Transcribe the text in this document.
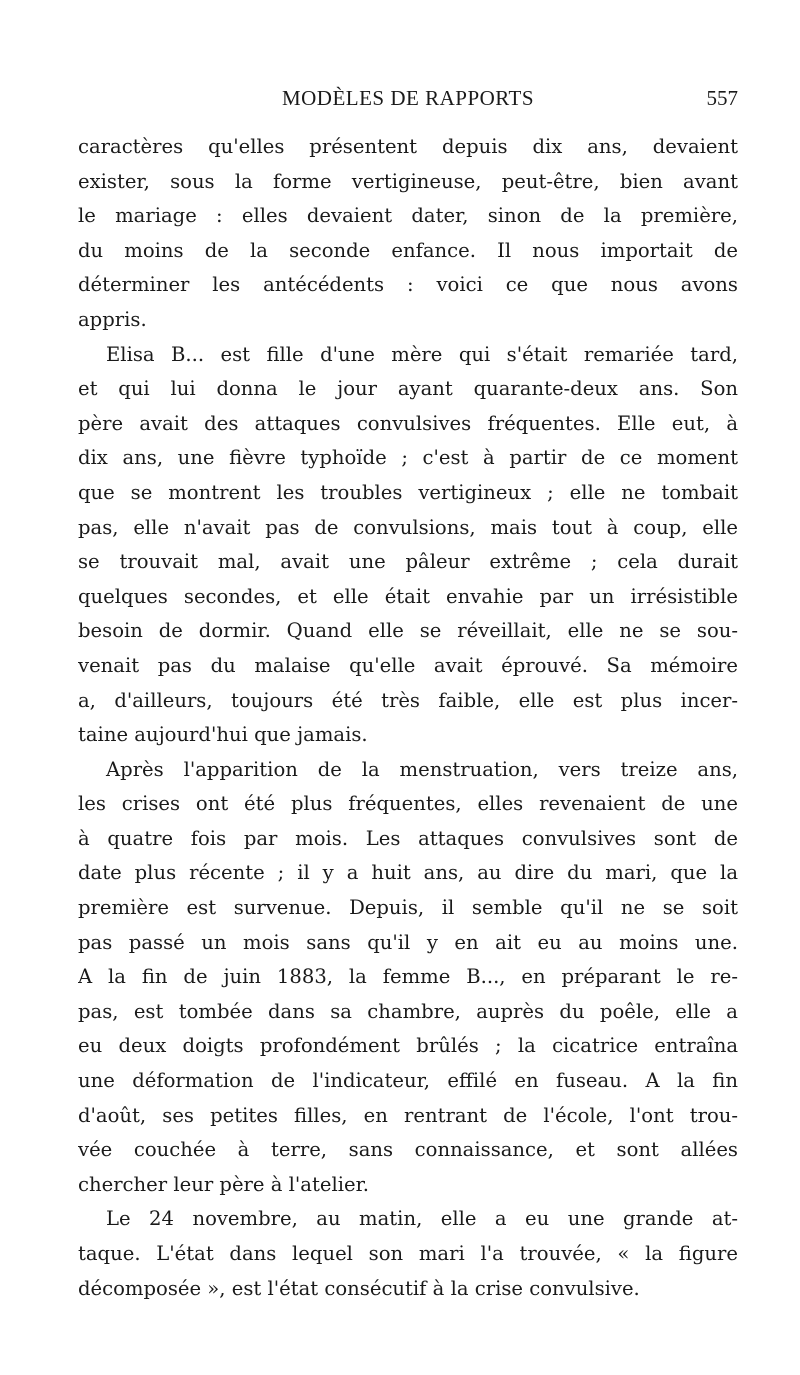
MODÈLES DE RAPPORTS	557
caractères qu'elles présentent depuis dix ans, devaient
exister, sous la forme vertigineuse, peut-être, bien avant
le mariage : elles devaient dater, sinon de la première,
du moins de la seconde enfance. Il nous importait de
déterminer les antécédents : voici ce que nous avons
appris.
Elisa B... est fille d'une mère qui s'était remariée tard,
et qui lui donna le jour ayant quarante-deux ans. Son
père avait des attaques convulsives fréquentes. Elle eut, à
dix ans, une fièvre typhoïde ; c'est à partir de ce moment
que se montrent les troubles vertigineux ; elle ne tombait
pas, elle n'avait pas de convulsions, mais tout à coup, elle
se trouvait mal, avait une pâleur extrême ; cela durait
quelques secondes, et elle était envahie par un irrésistible
besoin de dormir. Quand elle se réveillait, elle ne se sou-
venait pas du malaise qu'elle avait éprouvé. Sa mémoire
a, d'ailleurs, toujours été très faible, elle est plus incer-
taine aujourd'hui que jamais.
Après l'apparition de la menstruation, vers treize ans,
les crises ont été plus fréquentes, elles revenaient de une
à quatre fois par mois. Les attaques convulsives sont de
date plus récente ; il y a huit ans, au dire du mari, que la
première est survenue. Depuis, il semble qu'il ne se soit
pas passé un mois sans qu'il y en ait eu au moins une.
A la fin de juin 1883, la femme B..., en préparant le re-
pas, est tombée dans sa chambre, auprès du poêle, elle a
eu deux doigts profondément brûlés ; la cicatrice entraîna
une déformation de l'indicateur, effilé en fuseau. A la fin
d'août, ses petites filles, en rentrant de l'école, l'ont trou-
vée couchée à terre, sans connaissance, et sont allées
chercher leur père à l'atelier.
Le 24 novembre, au matin, elle a eu une grande at-
taque. L'état dans lequel son mari l'a trouvée, « la figure
décomposée », est l'état consécutif à la crise convulsive.
